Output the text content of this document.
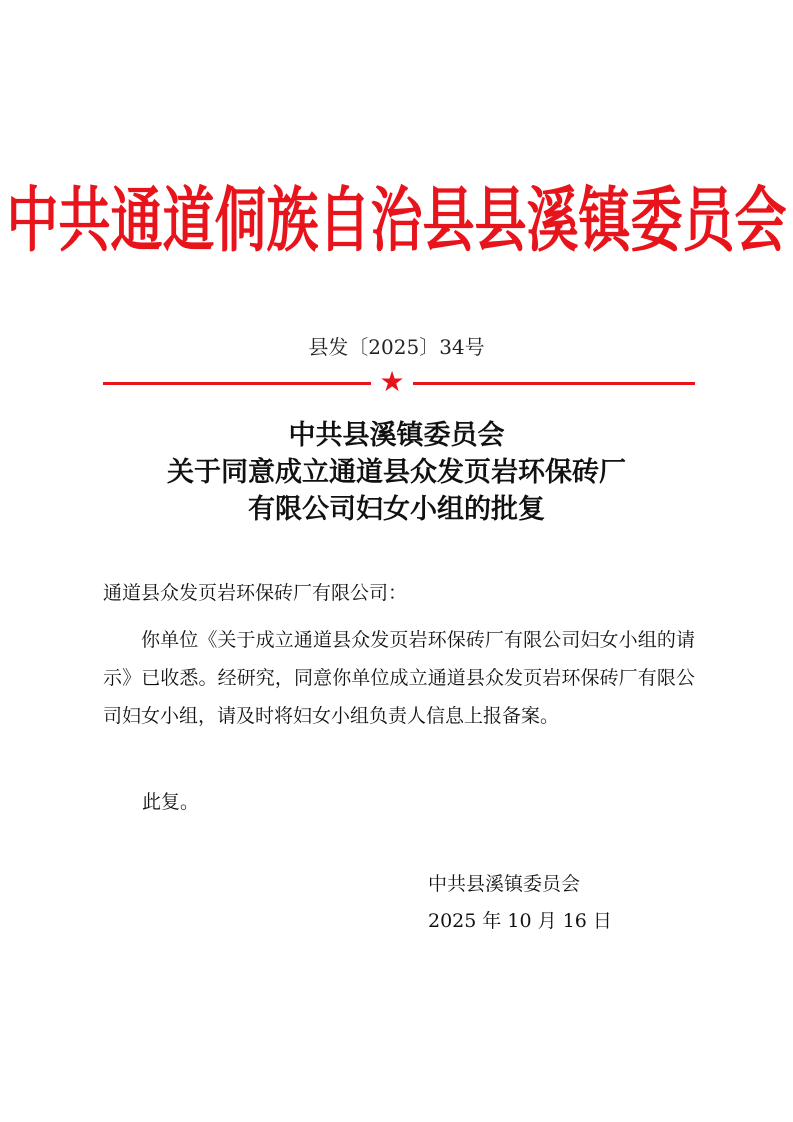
中共通道侗族自治县县溪镇委员会
县发〔2025〕34号
★
中共县溪镇委员会
关于同意成立通道县众发页岩环保砖厂
有限公司妇女小组的批复
通道县众发页岩环保砖厂有限公司：

你单位《关于成立通道县众发页岩环保砖厂有限公司妇女小组的请示》已收悉。经研究，同意你单位成立通道县众发页岩环保砖厂有限公司妇女小组，请及时将妇女小组负责人信息上报备案。

此复。
中共县溪镇委员会
2025 年 10 月 16 日
